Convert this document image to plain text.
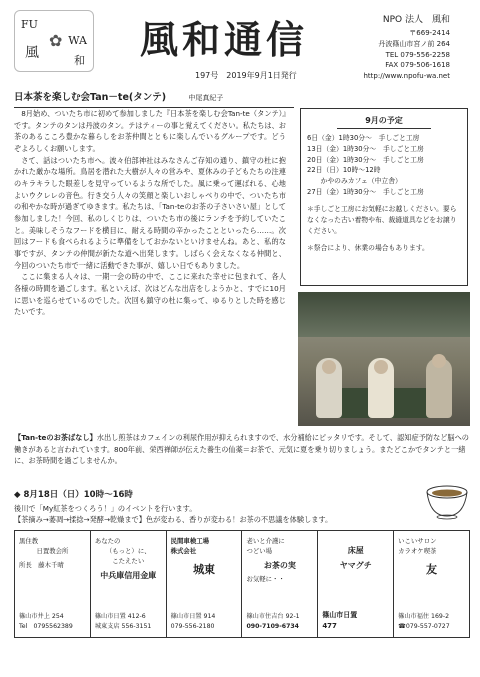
FU
✿ WA
風	和 風和通信
197号　2019年9月1日発行
NPO 法人　風和
〒669-2414
丹波篠山市宮ノ前 264
TEL 079-556-2258
FAX 079-506-1618
http://www.npofu-wa.net
日本茶を楽しむ会Tan－te(タンテ)	中尾真紀子

8月始め、ついたち市に初めて参加しました『日本茶を楽しむ会Tan-te（タンテ）』です。タンテのタンは丹波のタン。テはティーの事と覚えてください。私たちは、お茶のあるこころ豊かな暮らしをお茶仲間とともに楽しんでいるグループです。どうぞよろしくお願いします。

さて、話はついたち市へ。波々伯部神社はみなさんご存知の通り、鎮守の杜に抱かれた厳かな場所。鳥居を潜れた大樹が人々の営みや、夏休みの子どもたちの注連のキラキラした眼差しを見守っているような所でした。風に乗って運ばれる、心地よいウクレレの音色。行き交う人々の笑顔と楽しいおしゃべりの中で、ついたち市の和やかな時が過ぎてゆきます。私たちは、「Tan-teのお茶の子さいさい屋」として参加しました！今回、私のしくじりは、ついたち市の後にランチを予約していたこと。美味しそうなフードを横目に、耐える時間の辛かったことといったら……。次回はフードも食べられるように準備をしておかないといけませんね。あと、私的な事ですが、タンテの仲間が新たな道へ出発します。しばらく会えなくなる仲間と、今回のついたち市で一緒に活動できた事が、嬉しい日でもありました。

ここに集まる人々は、一期一会の時の中で、ここに来れた幸せに包まれて、各人各様の時間を過ごします。私といえば、次はどんな出店をしようかと、すでに10月に思いを巡らせているのでした。次回も鎮守の杜に集って、ゆるりとした時を感じたいです。

9月の予定
6日（金）1時30分～　手しごと工房
13日（金）1時30分～　手しごと工房
20日（金）1時30分～　手しごと工房
22日（日）10時～12時
　　かやのみカフェ（中立舎）
27日（金）1時30分～　手しごと工房
＊手しごと工房にお気軽にお越しください。要らなくなった古い着物や布、裁縫道具などをお譲りください。
＊祭合により、休業の場合もあります。
【Tan-teのお茶ばなし】水出し煎茶はカフェインの利尿作用が抑えられますので、水分補給にピッタリです。そして、認知症予防など脳への働きがあると言われています。800年前、栄西禅師が伝えた養生の仙薬＝お茶で、元気に夏を乗り切りましょう。またどこかでタンテと一緒に、お茶時間を過ごしませんか。
◆ 8月18日（日）10時～16時
後川で「My紅茶をつくろう！」のイベントを行います。
【茶摘み→萎凋→揉捻→発酵→乾燥まで】色が変わる、香りが変わる！お茶の不思議を体験します。
黒住教
日置教会所
所長　藤木千晴
篠山市井上 254
Tel　0795562389
あなたの
（もっと）に、
こたえたい
中兵庫信用金庫
篠山市日置 412-6
城東支店 556-3151
民間車検工場
株式会社
城東
篠山市日置 914
079-556-2180
老いと介護に
つどい場
お茶の実
お気軽に・・
篠山市住吉台 92-1
090-7109-6734
床屋
ヤマグチ
篠山市日置
477
いこいサロン
カラオケ喫茶
友
篠山市福住 169-2
☎079-557-0727
